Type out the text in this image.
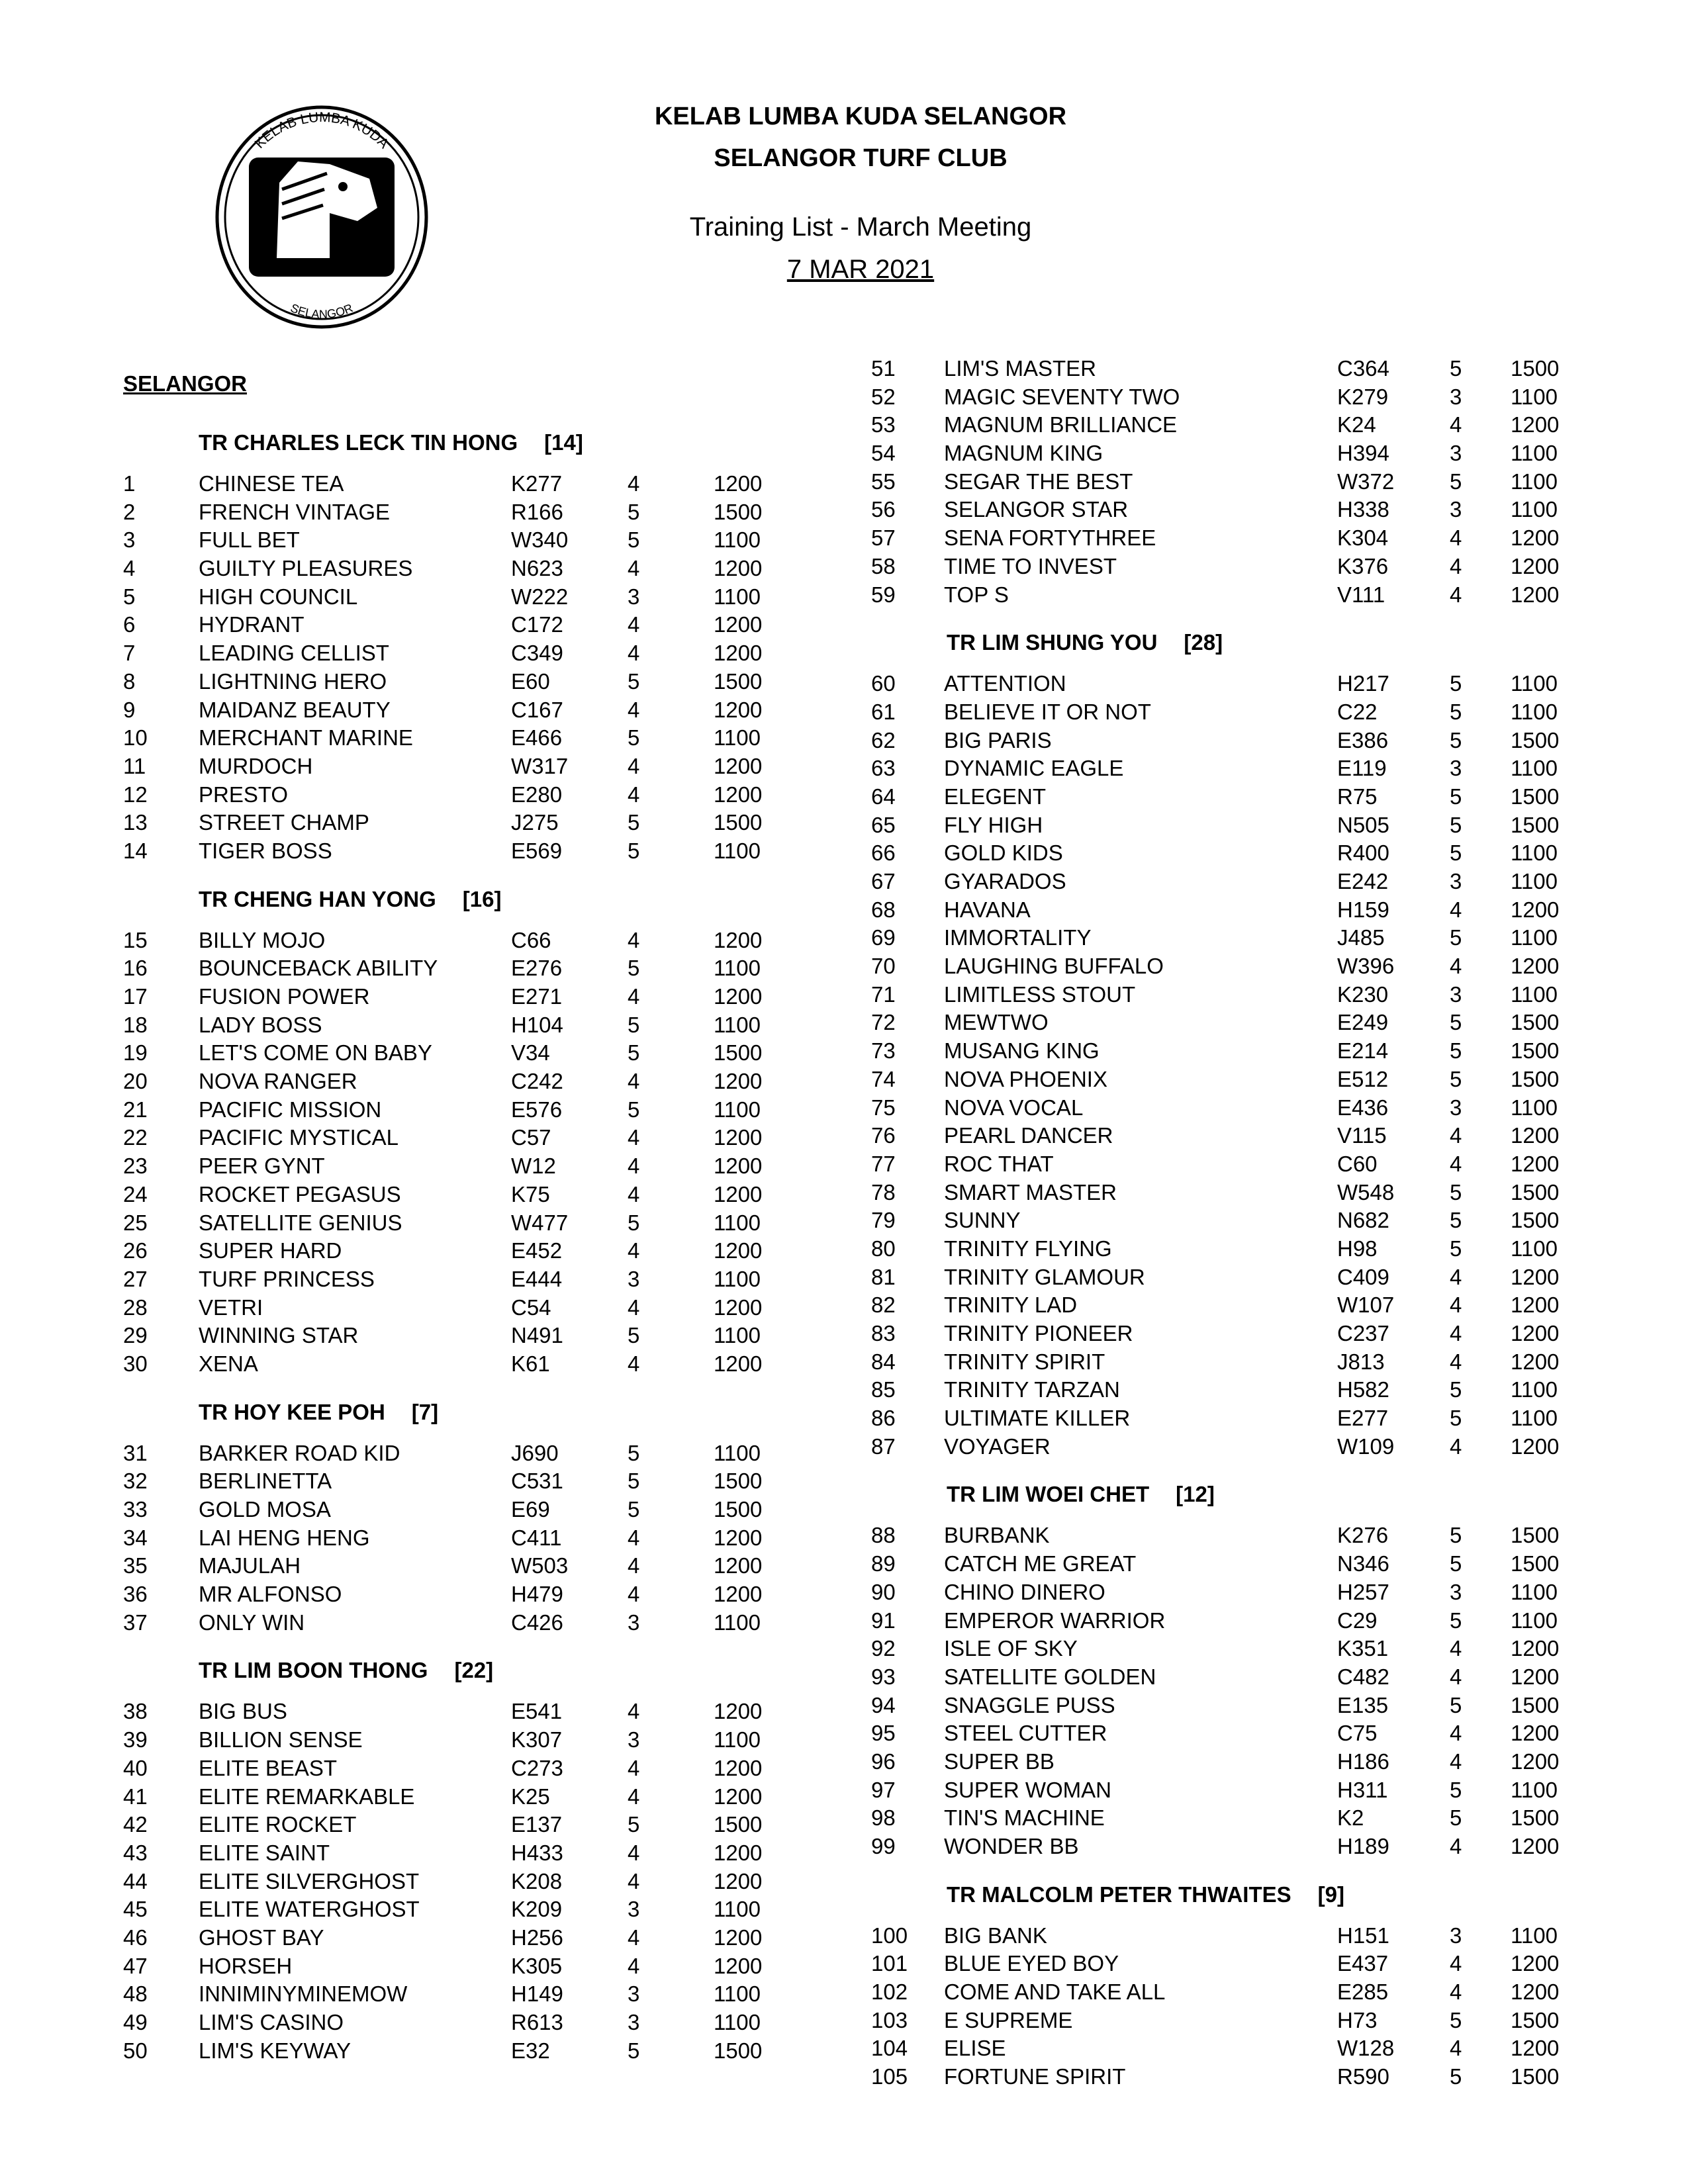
KELAB LUMBA KUDA
SELANGOR
KELAB LUMBA KUDA SELANGOR
SELANGOR TURF CLUB
Training List - March Meeting
7 MAR 2021
SELANGOR
TR CHARLES LECK TIN HONG [14]
1	CHINESE TEA	K277	4	1200
2	FRENCH VINTAGE	R166	5	1500
3	FULL BET	W340	5	1100
4	GUILTY PLEASURES	N623	4	1200
5	HIGH COUNCIL	W222	3	1100
6	HYDRANT	C172	4	1200
7	LEADING CELLIST	C349	4	1200
8	LIGHTNING HERO	E60	5	1500
9	MAIDANZ BEAUTY	C167	4	1200
10 MERCHANT MARINE	E466	5	1100
11 MURDOCH	W317	4	1200
12 PRESTO	E280	4	1200
13 STREET CHAMP	J275	5	1500
14 TIGER BOSS	E569	5	1100
TR CHENG HAN YONG [16]
15 BILLY MOJO	C66	4	1200
16 BOUNCEBACK ABILITY	E276	5	1100
17 FUSION POWER	E271	4	1200
18 LADY BOSS	H104	5	1100
19 LET'S COME ON BABY	V34	5	1500
20 NOVA RANGER	C242	4	1200
21 PACIFIC MISSION	E576	5	1100
22 PACIFIC MYSTICAL	C57	4	1200
23 PEER GYNT	W12	4	1200
24 ROCKET PEGASUS	K75	4	1200
25 SATELLITE GENIUS	W477	5	1100
26 SUPER HARD	E452	4	1200
27 TURF PRINCESS	E444	3	1100
28 VETRI	C54	4	1200
29 WINNING STAR	N491	5	1100
30 XENA	K61	4	1200
TR HOY KEE POH [7]
31 BARKER ROAD KID	J690	5	1100
32 BERLINETTA	C531	5	1500
33 GOLD MOSA	E69	5	1500
34 LAI HENG HENG	C411	4	1200
35 MAJULAH	W503	4	1200
36 MR ALFONSO	H479	4	1200
37 ONLY WIN	C426	3	1100
TR LIM BOON THONG [22]
38 BIG BUS	E541	4	1200
39 BILLION SENSE	K307	3	1100
40 ELITE BEAST	C273	4	1200
41 ELITE REMARKABLE	K25	4	1200
42 ELITE ROCKET	E137	5	1500
43 ELITE SAINT	H433	4	1200
44 ELITE SILVERGHOST	K208	4	1200
45 ELITE WATERGHOST	K209	3	1100
46 GHOST BAY	H256	4	1200
47 HORSEH	K305	4	1200
48 INNIMINYMINEMOW	H149	3	1100
49 LIM'S CASINO	R613	3	1100
50 LIM'S KEYWAY	E32	5	1500
51 LIM'S MASTER	C364	5 1500
52 MAGIC SEVENTY TWO	K279	3 1100
53 MAGNUM BRILLIANCE	K24	4 1200
54 MAGNUM KING	H394	3 1100
55 SEGAR THE BEST	W372	5 1100
56 SELANGOR STAR	H338	3 1100
57 SENA FORTYTHREE	K304	4 1200
58 TIME TO INVEST	K376	4 1200
59 TOP S	V111	4 1200
TR LIM SHUNG YOU [28]
60 ATTENTION	H217	5 1100
61 BELIEVE IT OR NOT	C22	5 1100
62 BIG PARIS	E386	5 1500
63 DYNAMIC EAGLE	E119	3 1100
64 ELEGENT	R75	5 1500
65 FLY HIGH	N505	5 1500
66 GOLD KIDS	R400	5 1100
67 GYARADOS	E242	3 1100
68 HAVANA	H159	4 1200
69 IMMORTALITY	J485	5 1100
70 LAUGHING BUFFALO	W396	4 1200
71 LIMITLESS STOUT	K230	3 1100
72 MEWTWO	E249	5 1500
73 MUSANG KING	E214	5 1500
74 NOVA PHOENIX	E512	5 1500
75 NOVA VOCAL	E436	3 1100
76 PEARL DANCER	V115	4 1200
77 ROC THAT	C60	4 1200
78 SMART MASTER	W548	5 1500
79 SUNNY	N682	5 1500
80 TRINITY FLYING	H98	5 1100
81 TRINITY GLAMOUR	C409	4 1200
82 TRINITY LAD	W107	4 1200
83 TRINITY PIONEER	C237	4 1200
84 TRINITY SPIRIT	J813	4 1200
85 TRINITY TARZAN	H582	5 1100
86 ULTIMATE KILLER	E277	5 1100
87 VOYAGER	W109	4 1200
TR LIM WOEI CHET [12]
88 BURBANK	K276	5 1500
89 CATCH ME GREAT	N346	5 1500
90 CHINO DINERO	H257	3 1100
91 EMPEROR WARRIOR	C29	5 1100
92 ISLE OF SKY	K351	4 1200
93 SATELLITE GOLDEN	C482	4 1200
94 SNAGGLE PUSS	E135	5 1500
95 STEEL CUTTER	C75	4 1200
96 SUPER BB	H186	4 1200
97 SUPER WOMAN	H311	5 1100
98 TIN'S MACHINE	K2	5 1500
99 WONDER BB	H189	4 1200
TR MALCOLM PETER THWAITES [9]
100 BIG BANK	H151	3 1100
101 BLUE EYED BOY	E437	4 1200
102 COME AND TAKE ALL	E285	4 1200
103 E SUPREME	H73	5 1500
104 ELISE	W128	4 1200
105 FORTUNE SPIRIT	R590	5 1500
